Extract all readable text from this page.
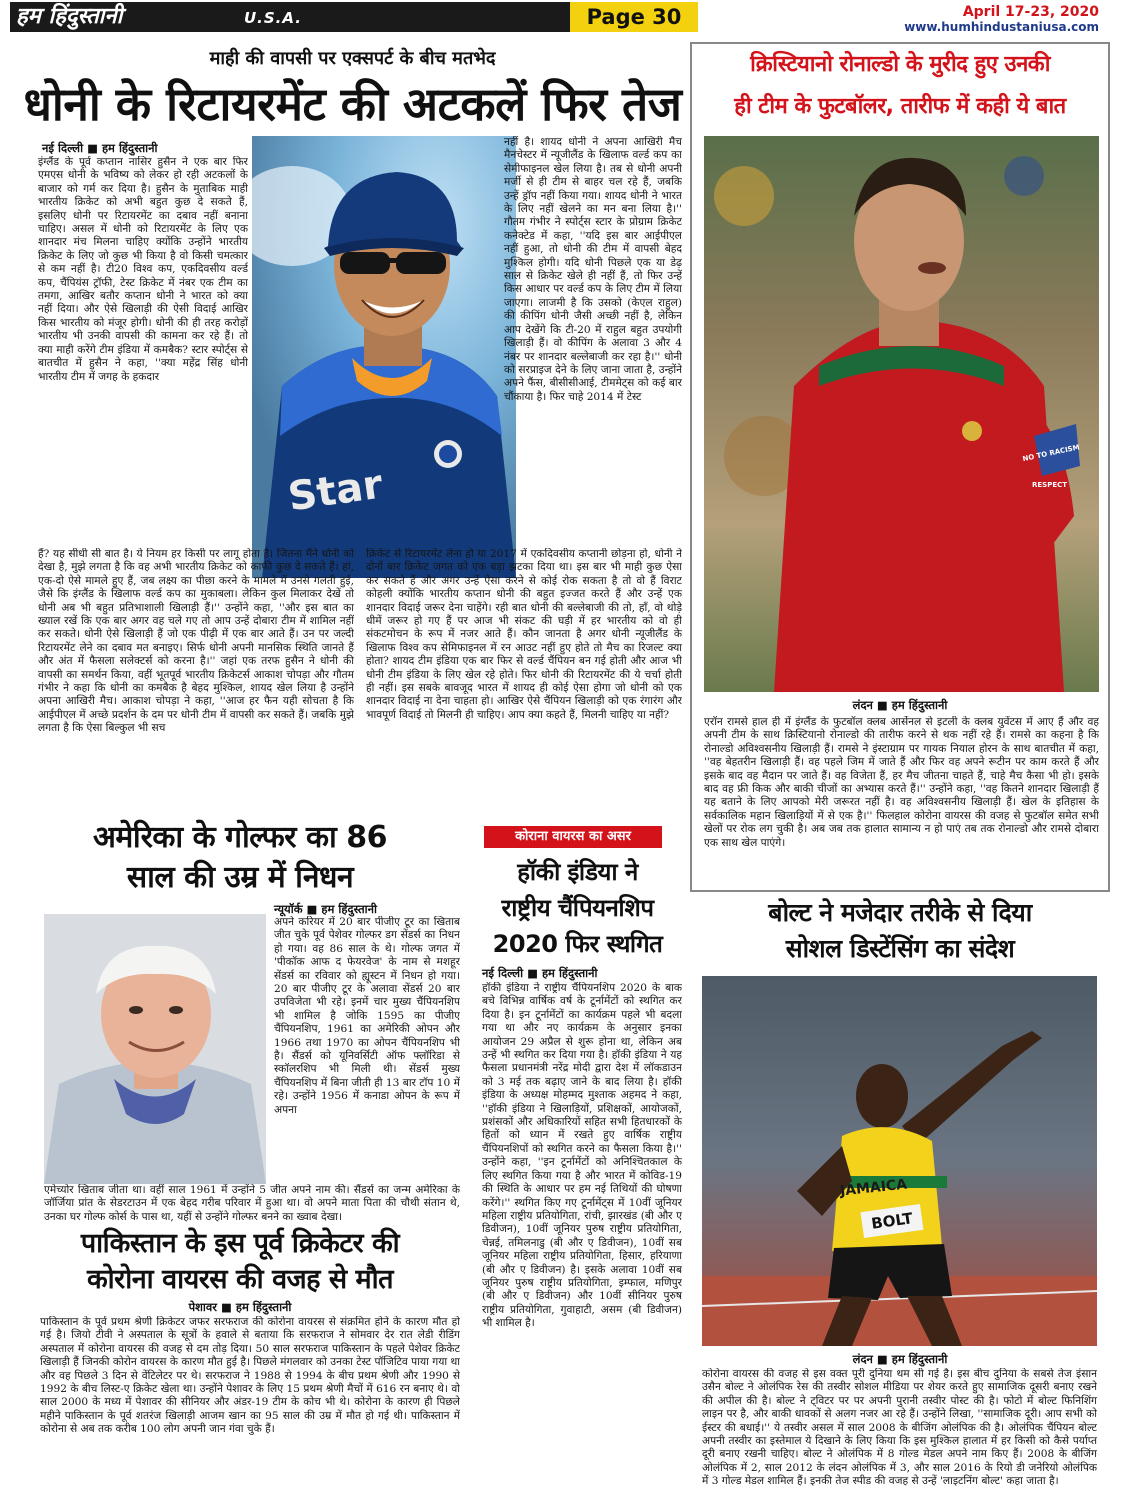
हम हिंदुस्तानी	U.S.A.	Page 30	April 17-23, 2020
www.humhindustaniusa.com
माही की वापसी पर एक्सपर्ट के बीच मतभेद
धोनी के रिटायरमेंट की अटकलें फिर तेज
नई दिल्ली ■ हम हिंदुस्तानी
इंग्लैंड के पूर्व कप्तान नासिर हुसैन ने एक बार फिर एमएस धोनी के भविष्य को लेकर हो रही अटकलों के बाजार को गर्म कर दिया है। हुसैन के मुताबिक माही भारतीय क्रिकेट को अभी बहुत कुछ दे सकते हैं, इसलिए धोनी पर रिटायरमेंट का दबाव नहीं बनाना चाहिए। असल में धोनी को रिटायरमेंट के लिए एक शानदार मंच मिलना चाहिए क्योंकि उन्होंने भारतीय क्रिकेट के लिए जो कुछ भी किया है वो किसी चमत्कार से कम नहीं है। टी20 विश्व कप, एकदिवसीय वर्ल्ड कप, चैंपियंस ट्रॉफी, टेस्ट क्रिकेट में नंबर एक टीम का तमगा, आखिर बतौर कप्तान धोनी ने भारत को क्या नहीं दिया। और ऐसे खिलाड़ी की ऐसी विदाई आखिर किस भारतीय को मंजूर होगी। धोनी की ही तरह करोड़ों भारतीय भी उनकी वापसी की कामना कर रहे हैं। तो क्या माही करेंगे टीम इंडिया में कमबैक? स्टार स्पोर्ट्स से बातचीत में हुसैन ने कहा, ''क्या महेंद्र सिंह धोनी भारतीय टीम में जगह के हकदार
Star
नहीं है। शायद धोनी ने अपना आखिरी मैच मैनचेस्टर में न्यूजीलैंड के खिलाफ वर्ल्ड कप का सेमीफाइनल खेल लिया है। तब से धोनी अपनी मर्जी से ही टीम से बाहर चल रहे हैं, जबकि उन्हें ड्रॉप नहीं किया गया। शायद धोनी ने भारत के लिए नहीं खेलने का मन बना लिया है।'' गौतम गंभीर ने स्पोर्ट्स स्टार के प्रोग्राम क्रिकेट कनेक्टेड में कहा, ''यदि इस बार आईपीएल नहीं हुआ, तो धोनी की टीम में वापसी बेहद मुश्किल होगी। यदि धोनी पिछले एक या डेढ़ साल से क्रिकेट खेले ही नहीं हैं, तो फिर उन्हें किस आधार पर वर्ल्ड कप के लिए टीम में लिया जाएगा। लाजमी है कि उसको (केएल राहुल) की कीपिंग धोनी जैसी अच्छी नहीं है, लेकिन आप देखेंगे कि टी-20 में राहुल बहुत उपयोगी खिलाड़ी हैं। वो कीपिंग के अलावा 3 और 4 नंबर पर शानदार बल्लेबाजी कर रहा है।'' धोनी को सरप्राइज देने के लिए जाना जाता है, उन्होंने अपने फैंस, बीसीसीआई, टीममेट्स को कई बार चौंकाया है। फिर चाहे 2014 में टेस्ट
हैं? यह सीधी सी बात है। ये नियम हर किसी पर लागू होता है। जितना मैंने धोनी को देखा है, मुझे लगता है कि वह अभी भारतीय क्रिकेट को काफी कुछ दे सकते हैं। हां, एक-दो ऐसे मामले हुए हैं, जब लक्ष्य का पीछा करने के मामले में उनसे गलती हुई, जैसे कि इंग्लैंड के खिलाफ वर्ल्ड कप का मुकाबला। लेकिन कुल मिलाकर देखें तो धोनी अब भी बहुत प्रतिभाशाली खिलाड़ी हैं।'' उन्होंने कहा, ''और इस बात का ख्याल रखें कि एक बार अगर वह चले गए तो आप उन्हें दोबारा टीम में शामिल नहीं कर सकते। धोनी ऐसे खिलाड़ी हैं जो एक पीढ़ी में एक बार आते हैं। उन पर जल्दी रिटायरमेंट लेने का दबाव मत बनाइए। सिर्फ धोनी अपनी मानसिक स्थिति जानते हैं और अंत में फैसला सलेक्टर्स को करना है।'' जहां एक तरफ हुसैन ने धोनी की वापसी का समर्थन किया, वहीं भूतपूर्व भारतीय क्रिकेटर्स आकाश चोपड़ा और गौतम गंभीर ने कहा कि धोनी का कमबैक है बेहद मुश्किल, शायद खेल लिया है उन्होंने अपना आखिरी मैच। आकाश चोपड़ा ने कहा, ''आज हर फैन यही सोचता है कि आईपीएल में अच्छे प्रदर्शन के दम पर धोनी टीम में वापसी कर सकते हैं। जबकि मुझे लगता है कि ऐसा बिल्कुल भी सच
क्रिकेट से रिटायरमेंट लेना हो या 2017 में एकदिवसीय कप्तानी छोड़ना हो, धोनी ने दोनों बार क्रिकेट जगत को एक बड़ा झटका दिया था। इस बार भी माही कुछ ऐसा कर सकते हैं और अगर उन्हें ऐसा करने से कोई रोक सकता है तो वो हैं विराट कोहली क्योंकि भारतीय कप्तान धोनी की बहुत इज्जत करते हैं और उन्हें एक शानदार विदाई जरूर देना चाहेंगे। रही बात धोनी की बल्लेबाजी की तो, हाँ, वो थोड़े धीमें जरूर हो गए हैं पर आज भी संकट की घड़ी में हर भारतीय को वो ही संकटमोचन के रूप में नजर आते हैं। कौन जानता है अगर धोनी न्यूजीलैंड के खिलाफ विश्व कप सेमिफाइनल में रन आउट नहीं हुए होते तो मैच का रिजल्ट क्या होता? शायद टीम इंडिया एक बार फिर से वर्ल्ड चैंपियन बन गई होती और आज भी धोनी टीम इंडिया के लिए खेल रहे होते। फिर धोनी की रिटायरमेंट की ये चर्चा होती ही नहीं। इस सबके बावजूद भारत में शायद ही कोई ऐसा होगा जो धोनी को एक शानदार विदाई ना देना चाहता हो। आखिर ऐसे चैंपियन खिलाड़ी को एक रंगारंग और भावपूर्ण विदाई तो मिलनी ही चाहिए। आप क्या कहते हैं, मिलनी चाहिए या नहीं?
क्रिस्टियानो रोनाल्डो के मुरीद हुए उनकी
ही टीम के फुटबॉलर, तारीफ में कही ये बात
NO TO RACISM
RESPECT
लंदन ■ हम हिंदुस्तानी
एरॉन रामसे हाल ही में इंग्लैंड के फुटबॉल क्लब आर्सेनल से इटली के क्लब युवेंटस में आए हैं और वह अपनी टीम के साथ क्रिस्टियानो रोनाल्डो की तारीफ करने से थक नहीं रहे हैं। रामसे का कहना है कि रोनाल्डो अविश्वसनीय खिलाड़ी हैं। रामसे ने इंस्टाग्राम पर गायक नियाल होरन के साथ बातचीत में कहा, ''वह बेहतरीन खिलाड़ी हैं। वह पहले जिम में जाते हैं और फिर वह अपने रूटीन पर काम करते हैं और इसके बाद वह मैदान पर जाते हैं। वह विजेता हैं, हर मैच जीतना चाहते हैं, चाहे मैच कैसा भी हो। इसके बाद वह फ्री किक और बाकी चीजों का अभ्यास करते हैं।'' उन्होंने कहा, ''वह कितने शानदार खिलाड़ी हैं यह बताने के लिए आपको मेरी जरूरत नहीं है। वह अविश्वसनीय खिलाड़ी हैं। खेल के इतिहास के सर्वकालिक महान खिलाड़ियों में से एक है।'' फिलहाल कोरोना वायरस की वजह से फुटबॉल समेत सभी खेलों पर रोक लग चुकी है। अब जब तक हालात सामान्य न हो पाएं तब तक रोनाल्डो और रामसे दोबारा एक साथ खेल पाएंगे।
अमेरिका के गोल्फर का 86
साल की उम्र में निधन
न्यूयॉर्क ■ हम हिंदुस्तानी
अपने करियर में 20 बार पीजीए टूर का खिताब जीत चुके पूर्व पेशेवर गोल्फर डग सेंडर्स का निधन हो गया। वह 86 साल के थे। गोल्फ जगत में 'पीकॉक आफ द फेयरवेज' के नाम से मशहूर सेंडर्स का रविवार को ह्यूस्टन में निधन हो गया। 20 बार पीजीए टूर के अलावा सेंडर्स 20 बार उपविजेता भी रहे। इनमें चार मुख्य चैंपियनशिप भी शामिल है जोकि 1595 का पीजीए चैंपियनशिप, 1961 का अमेरिकी ओपन और 1966 तथा 1970 का ओपन चैंपियनशिप भी है। सैंडर्स को यूनिवर्सिटी ऑफ फ्लॉरिडा से स्कॉलरशिप भी मिली थी। सेंडर्स मुख्य चैंपियनशिप में बिना जीती ही 13 बार टॉप 10 में रहे। उन्होंने 1956 में कनाडा ओपन के रूप में अपना
एमेच्योर खिताब जीता था। वहीं साल 1961 में उन्होंने 5 जीत अपने नाम की। सैंडर्स का जन्म अमेरिका के जॉर्जिया प्रांत के सेडरटाउन में एक बेहद गरीब परिवार में हुआ था। वो अपने माता पिता की चौथी संतान थे, उनका घर गोल्फ कोर्स के पास था, यहीं से उन्होंने गोल्फर बनने का ख्वाब देखा।
पाकिस्तान के इस पूर्व क्रिकेटर की
कोरोना वायरस की वजह से मौत
पेशावर ■ हम हिंदुस्तानी
पाकिस्तान के पूर्व प्रथम श्रेणी क्रिकेटर जफर सरफराज की कोरोना वायरस से संक्रमित होने के कारण मौत हो गई है। जियो टीवी ने अस्पताल के सूत्रों के हवाले से बताया कि सरफराज ने सोमवार देर रात लेडी रीडिंग अस्पताल में कोरोना वायरस की वजह से दम तोड़ दिया। 50 साल सरफराज पाकिस्तान के पहले पेशेवर क्रिकेट खिलाड़ी हैं जिनकी कोरोन वायरस के कारण मौत हुई है। पिछले मंगलवार को उनका टेस्ट पॉजिटिव पाया गया था और वह पिछले 3 दिन से वेंटिलेटर पर थे। सरफराज ने 1988 से 1994 के बीच प्रथम श्रेणी और 1990 से 1992 के बीच लिस्ट-ए क्रिकेट खेला था। उन्होंने पेशावर के लिए 15 प्रथम श्रेणी मैचों में 616 रन बनाए थे। वो साल 2000 के मध्य में पेशावर की सीनियर और अंडर-19 टीम के कोच भी थे। कोरोना के कारण ही पिछले महीने पाकिस्तान के पूर्व शतरंज खिलाड़ी आजम खान का 95 साल की उम्र में मौत हो गई थी। पाकिस्तान में कोरोना से अब तक करीब 100 लोग अपनी जान गंवा चुके हैं।
कोराना वायरस का असर
हॉकी इंडिया ने
राष्ट्रीय चैंपियनशिप
2020 फिर स्थगित
नई दिल्ली ■ हम हिंदुस्तानी
हॉकी इंडिया ने राष्ट्रीय चैंपियनशिप 2020 के बाक बचे विभिन्न वार्षिक वर्ष के टूर्नामेंटों को स्थगित कर दिया है। इन टूर्नामेंटों का कार्यक्रम पहले भी बदला गया था और नए कार्यक्रम के अनुसार इनका आयोजन 29 अप्रैल से शुरू होना था, लेकिन अब उन्हें भी स्थगित कर दिया गया है। हॉकी इंडिया ने यह फैसला प्रधानमंत्री नरेंद्र मोदी द्वारा देश में लॉकडाउन को 3 मई तक बढ़ाए जाने के बाद लिया है। हॉकी इंडिया के अध्यक्ष मोहम्मद मुश्ताक अहमद ने कहा, ''हॉकी इंडिया ने खिलाड़ियों, प्रशिक्षकों, आयोजकों, प्रशंसकों और अधिकारियों सहित सभी हितधारकों के हितों को ध्यान में रखते हुए वार्षिक राष्ट्रीय चैंपियनशिपों को स्थगित करने का फैसला किया है।'' उन्होंने कहा, ''इन टूर्नामेंटों को अनिश्चितकाल के लिए स्थगित किया गया है और भारत में कोविड-19 की स्थिति के आधार पर हम नई तिथियों की घोषणा करेंगे।'' स्थगित किए गए टूर्नामेंट्स में 10वीं जूनियर महिला राष्ट्रीय प्रतियोगिता, रांची, झारखंड (बी और ए डिवीजन), 10वीं जूनियर पुरुष राष्ट्रीय प्रतियोगिता, चेन्नई, तमिलनाडु (बी और ए डिवीजन), 10वीं सब जूनियर महिला राष्ट्रीय प्रतियोगिता, हिसार, हरियाणा (बी और ए डिवीजन) है। इसके अलावा 10वीं सब जूनियर पुरुष राष्ट्रीय प्रतियोगिता, इम्फाल, मणिपुर (बी और ए डिवीजन) और 10वीं सीनियर पुरुष राष्ट्रीय प्रतियोगिता, गुवाहाटी, असम (बी डिवीजन) भी शामिल है।
बोल्ट ने मजेदार तरीके से दिया
सोशल डिस्टेंसिंग का संदेश
JAMAICA
BOLT
लंदन ■ हम हिंदुस्तानी
कोरोना वायरस की वजह से इस वक्त पूरी दुनिया थम सी गई है। इस बीच दुनिया के सबसे तेज इंसान उसैन बोल्ट ने ओलंपिक रेस की तस्वीर सोशल मीडिया पर शेयर करते हुए सामाजिक दूसरी बनाए रखने की अपील की है। बोल्ट ने ट्विटर पर पर अपनी पुरानी तस्वीर पोस्ट की है। फोटो में बोल्ट फिनिशिंग लाइन पर है, और बाकी धावकों से अलग नजर आ रहे हैं। उन्होंने लिखा, ''सामाजिक दूरी। आप सभी को ईस्टर की बधाई।'' ये तस्वीर असल में साल 2008 के बीजिंग ओलंपिक की है। ओलंपिक चैंपियन बोल्ट अपनी तस्वीर का इस्तेमाल ये दिखाने के लिए किया कि इस मुश्किल हालात में हर किसी को कैसे पर्याप्त दूरी बनाए रखनी चाहिए। बोल्ट ने ओलंपिक में 8 गोल्ड मेडल अपने नाम किए हैं। 2008 के बीजिंग ओलंपिक में 2, साल 2012 के लंदन ओलंपिक में 3, और साल 2016 के रियो डी जनेरियो ओलंपिक में 3 गोल्ड मेडल शामिल हैं। इनकी तेज स्पीड की वजह से उन्हें 'लाइटनिंग बोल्ट' कहा जाता है।
